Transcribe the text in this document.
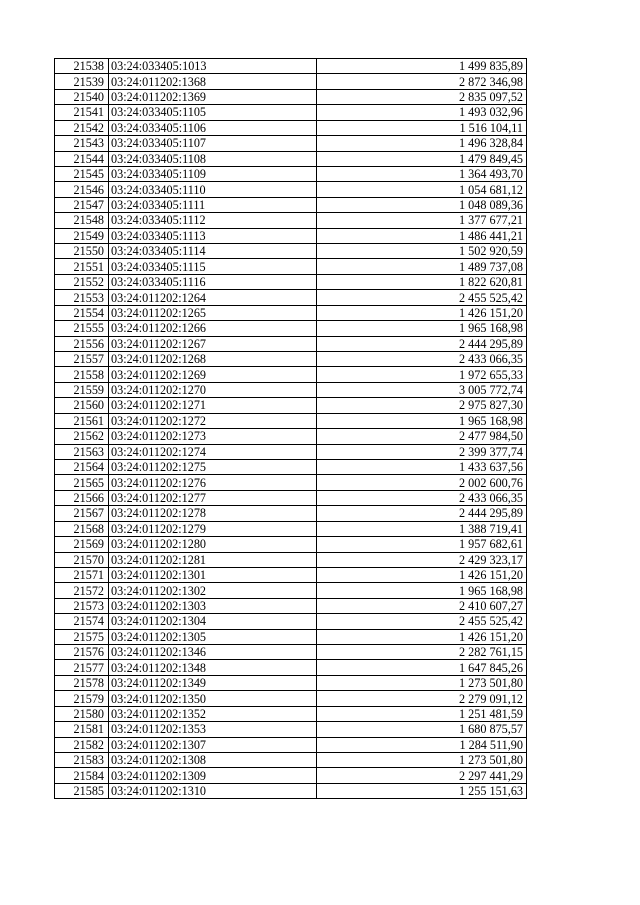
21538	03:24:033405:1013	1 499 835,89
21539	03:24:011202:1368	2 872 346,98
21540	03:24:011202:1369	2 835 097,52
21541	03:24:033405:1105	1 493 032,96
21542	03:24:033405:1106	1 516 104,11
21543	03:24:033405:1107	1 496 328,84
21544	03:24:033405:1108	1 479 849,45
21545	03:24:033405:1109	1 364 493,70
21546	03:24:033405:1110	1 054 681,12
21547	03:24:033405:1111	1 048 089,36
21548	03:24:033405:1112	1 377 677,21
21549	03:24:033405:1113	1 486 441,21
21550	03:24:033405:1114	1 502 920,59
21551	03:24:033405:1115	1 489 737,08
21552	03:24:033405:1116	1 822 620,81
21553	03:24:011202:1264	2 455 525,42
21554	03:24:011202:1265	1 426 151,20
21555	03:24:011202:1266	1 965 168,98
21556	03:24:011202:1267	2 444 295,89
21557	03:24:011202:1268	2 433 066,35
21558	03:24:011202:1269	1 972 655,33
21559	03:24:011202:1270	3 005 772,74
21560	03:24:011202:1271	2 975 827,30
21561	03:24:011202:1272	1 965 168,98
21562	03:24:011202:1273	2 477 984,50
21563	03:24:011202:1274	2 399 377,74
21564	03:24:011202:1275	1 433 637,56
21565	03:24:011202:1276	2 002 600,76
21566	03:24:011202:1277	2 433 066,35
21567	03:24:011202:1278	2 444 295,89
21568	03:24:011202:1279	1 388 719,41
21569	03:24:011202:1280	1 957 682,61
21570	03:24:011202:1281	2 429 323,17
21571	03:24:011202:1301	1 426 151,20
21572	03:24:011202:1302	1 965 168,98
21573	03:24:011202:1303	2 410 607,27
21574	03:24:011202:1304	2 455 525,42
21575	03:24:011202:1305	1 426 151,20
21576	03:24:011202:1346	2 282 761,15
21577	03:24:011202:1348	1 647 845,26
21578	03:24:011202:1349	1 273 501,80
21579	03:24:011202:1350	2 279 091,12
21580	03:24:011202:1352	1 251 481,59
21581	03:24:011202:1353	1 680 875,57
21582	03:24:011202:1307	1 284 511,90
21583	03:24:011202:1308	1 273 501,80
21584	03:24:011202:1309	2 297 441,29
21585	03:24:011202:1310	1 255 151,63
